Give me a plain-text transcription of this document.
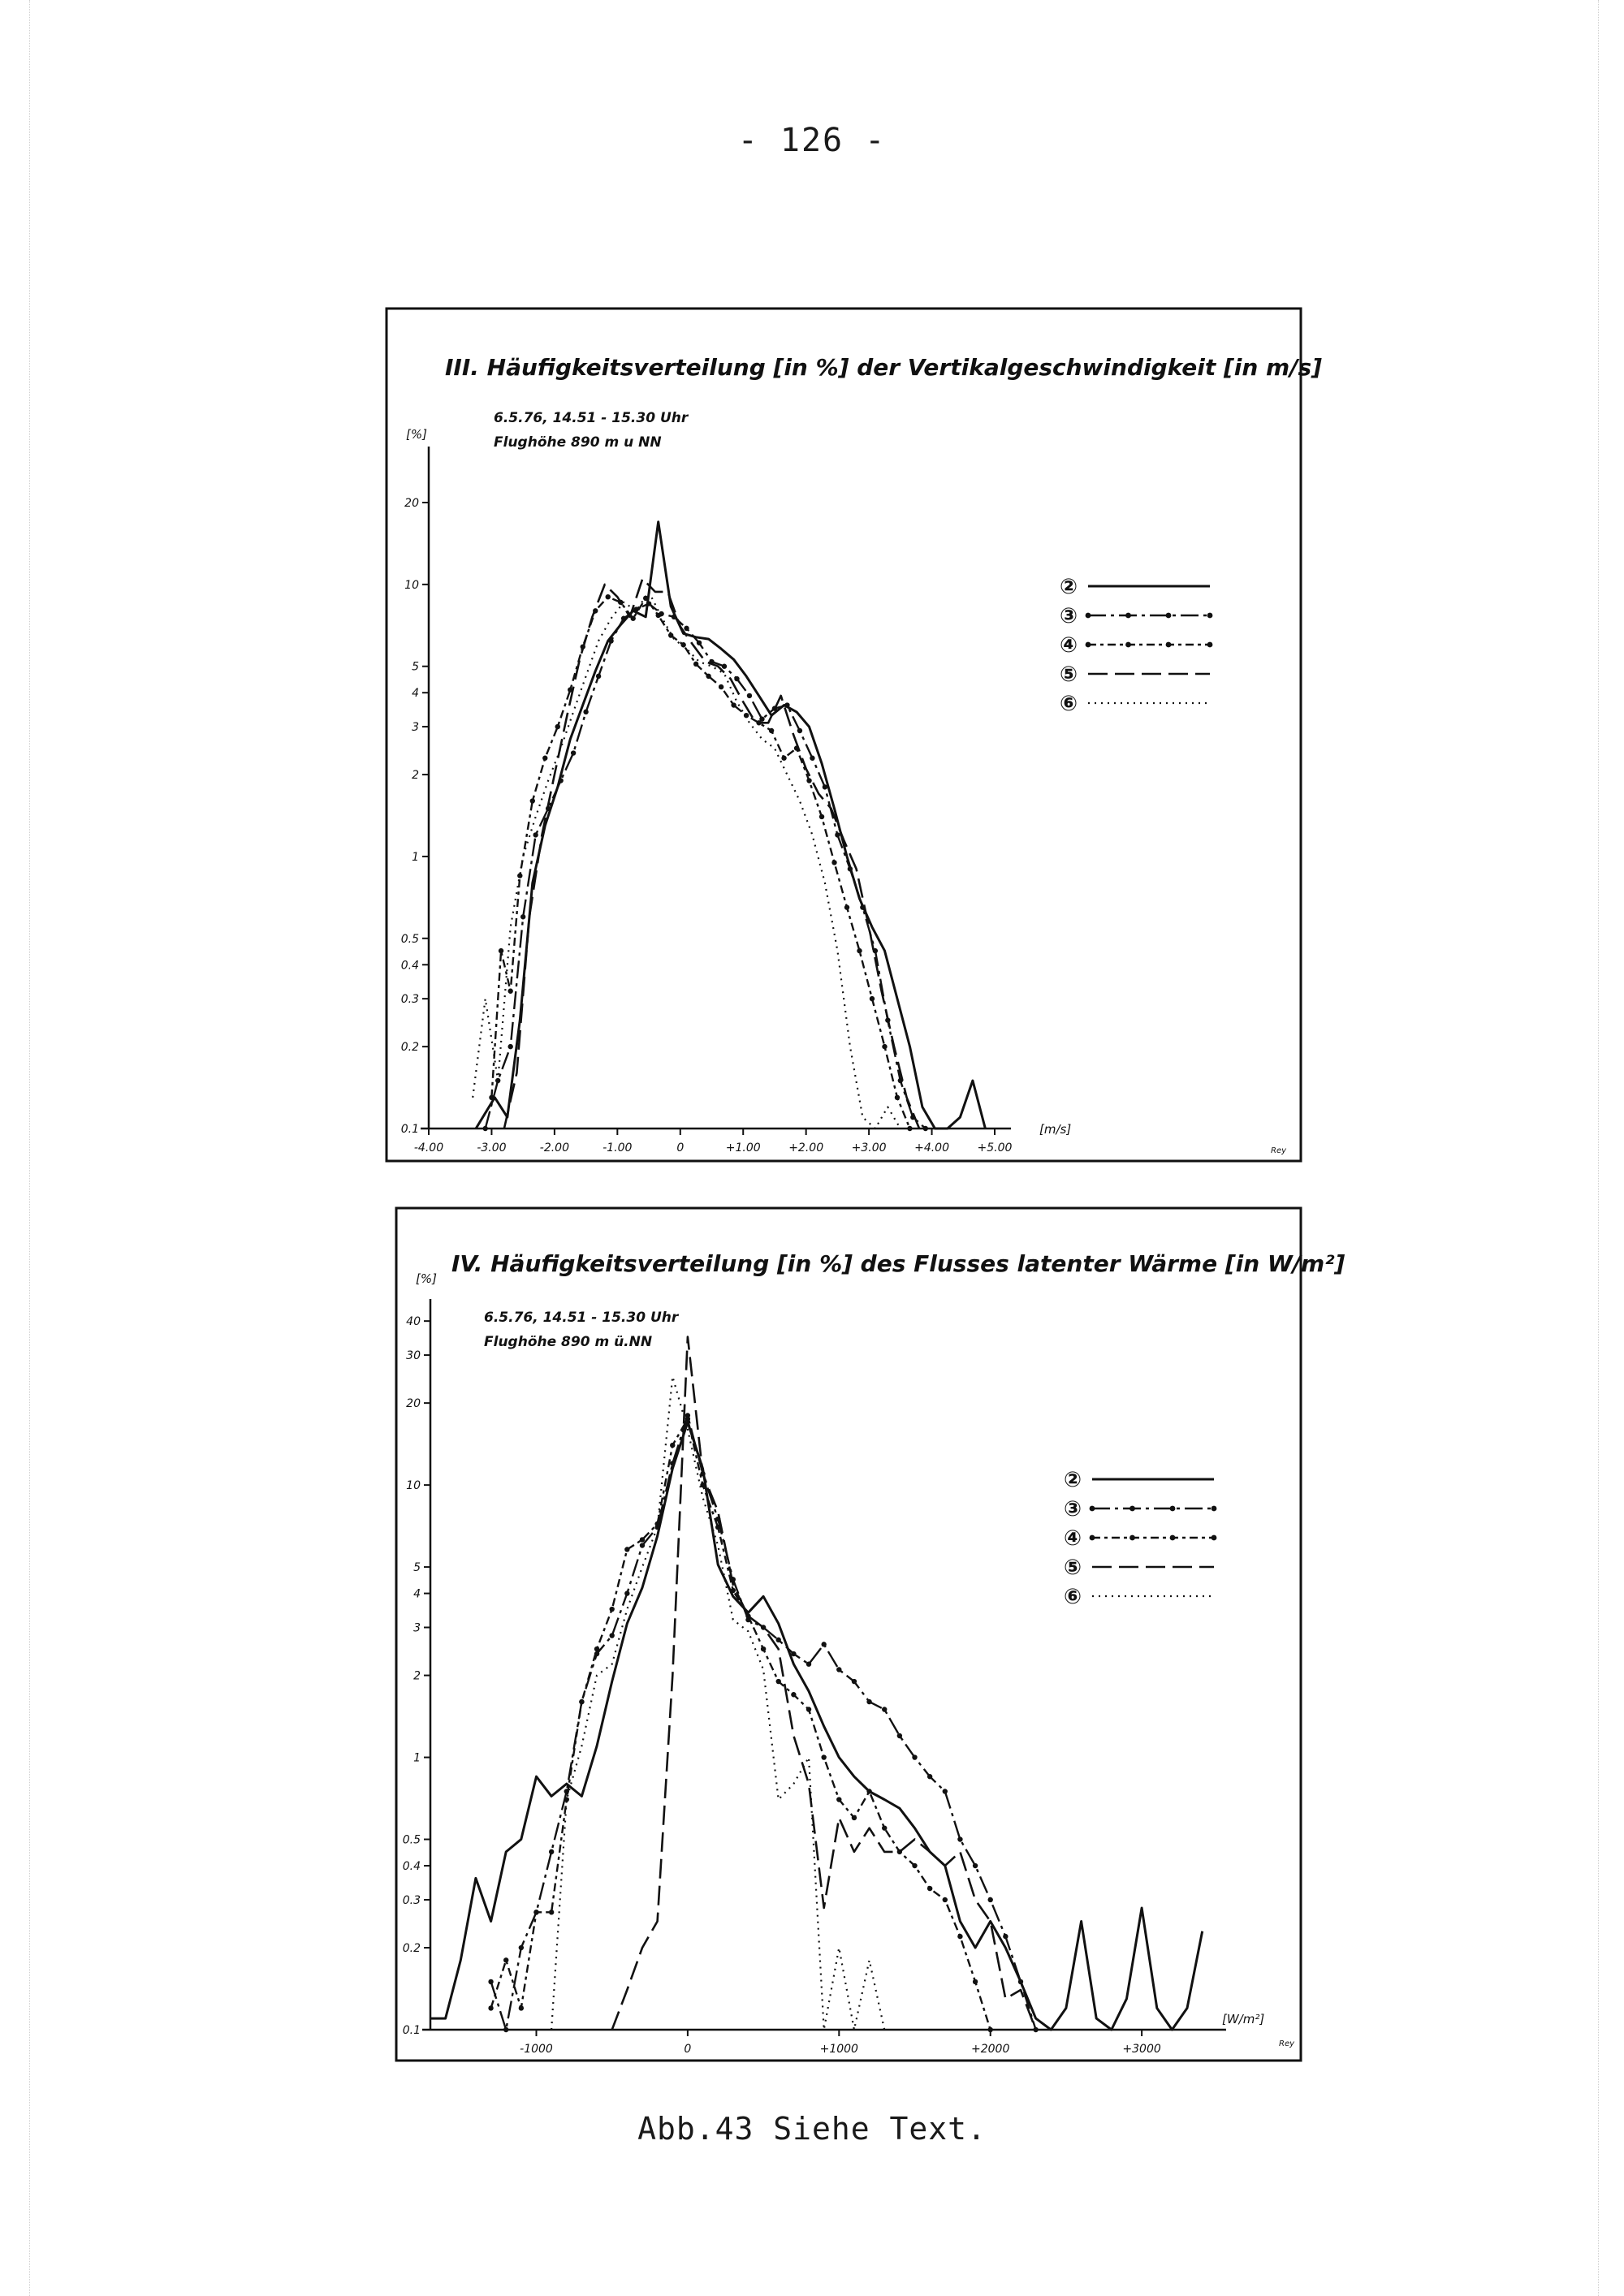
- 126 -
III. Häufigkeitsverteilung [in %] der Vertikalgeschwindigkeit [in m/s]
6.5.76, 14.51 - 15.30 Uhr
Flughöhe 890 m u NN
[%]
[m/s]
Rey
20
10
5
4
3
2
1
0.5
0.4
0.3
0.2
0.1
-4.00	-3.00	-2.00	-1.00	0	+1.00 +2.00 +3.00 +4.00 +5.00
②
③
④
⑤
⑥
IV. Häufigkeitsverteilung [in %] des Flusses latenter Wärme [in W/m²]
6.5.76, 14.51 - 15.30 Uhr
Flughöhe 890 m ü.NN
[%]
[W/m²]
Rey
40
30
20
10
5
4
3
2
1
0.5
0.4
0.3
0.2
0.1
-1000	0	+1000	+2000	+3000
②
③
④
⑤
⑥
Abb.43 Siehe Text.
